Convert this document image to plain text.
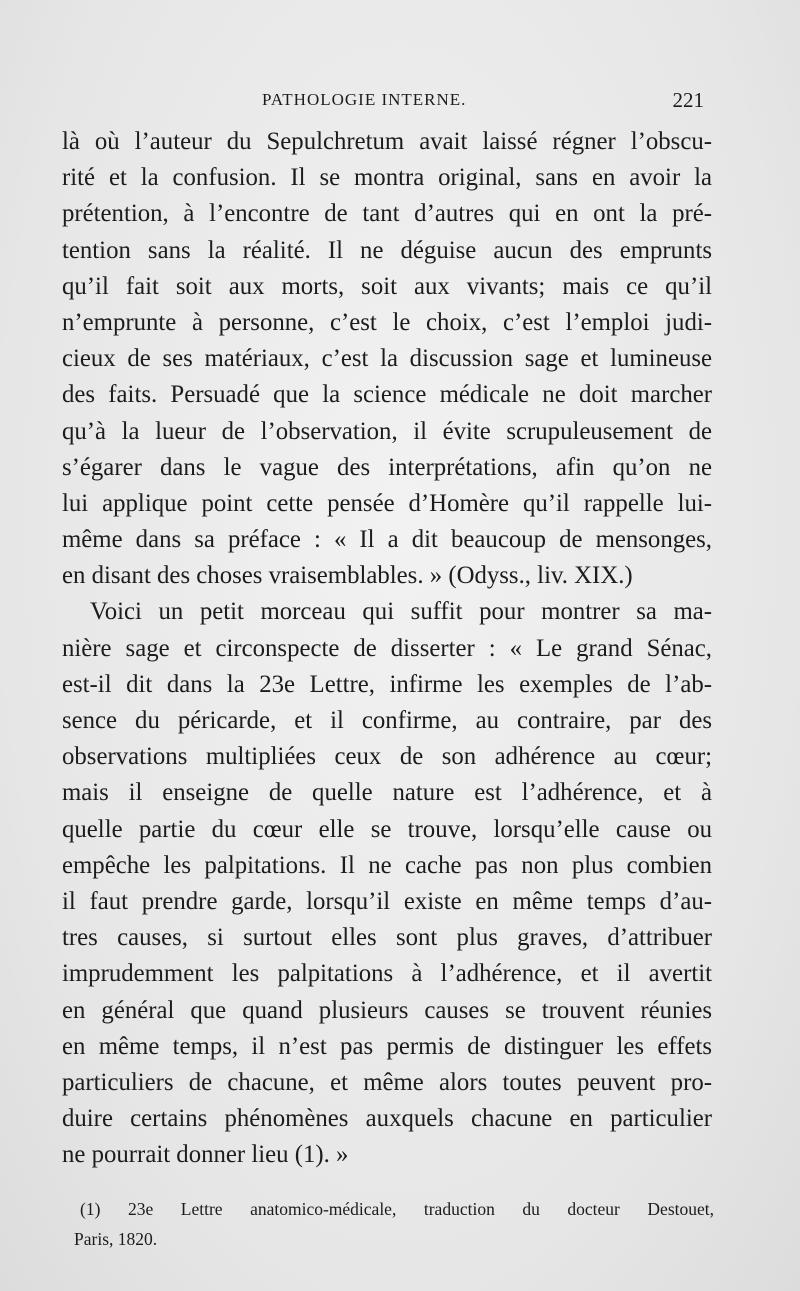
PATHOLOGIE INTERNE.	221
là où l’auteur du Sepulchretum avait laissé régner l’obscu-
rité et la confusion. Il se montra original, sans en avoir la
prétention, à l’encontre de tant d’autres qui en ont la pré-
tention sans la réalité. Il ne déguise aucun des emprunts
qu’il fait soit aux morts, soit aux vivants; mais ce qu’il
n’emprunte à personne, c’est le choix, c’est l’emploi judi-
cieux de ses matériaux, c’est la discussion sage et lumineuse
des faits. Persuadé que la science médicale ne doit marcher
qu’à la lueur de l’observation, il évite scrupuleusement de
s’égarer dans le vague des interprétations, afin qu’on ne
lui applique point cette pensée d’Homère qu’il rappelle lui-
même dans sa préface : « Il a dit beaucoup de mensonges,
en disant des choses vraisemblables. » (Odyss., liv. XIX.)
Voici un petit morceau qui suffit pour montrer sa ma-
nière sage et circonspecte de disserter : « Le grand Sénac,
est-il dit dans la 23e Lettre, infirme les exemples de l’ab-
sence du péricarde, et il confirme, au contraire, par des
observations multipliées ceux de son adhérence au cœur;
mais il enseigne de quelle nature est l’adhérence, et à
quelle partie du cœur elle se trouve, lorsqu’elle cause ou
empêche les palpitations. Il ne cache pas non plus combien
il faut prendre garde, lorsqu’il existe en même temps d’au-
tres causes, si surtout elles sont plus graves, d’attribuer
imprudemment les palpitations à l’adhérence, et il avertit
en général que quand plusieurs causes se trouvent réunies
en même temps, il n’est pas permis de distinguer les effets
particuliers de chacune, et même alors toutes peuvent pro-
duire certains phénomènes auxquels chacune en particulier
ne pourrait donner lieu (1). »
(1) 23e Lettre anatomico-médicale, traduction du docteur Destouet,
Paris, 1820.
